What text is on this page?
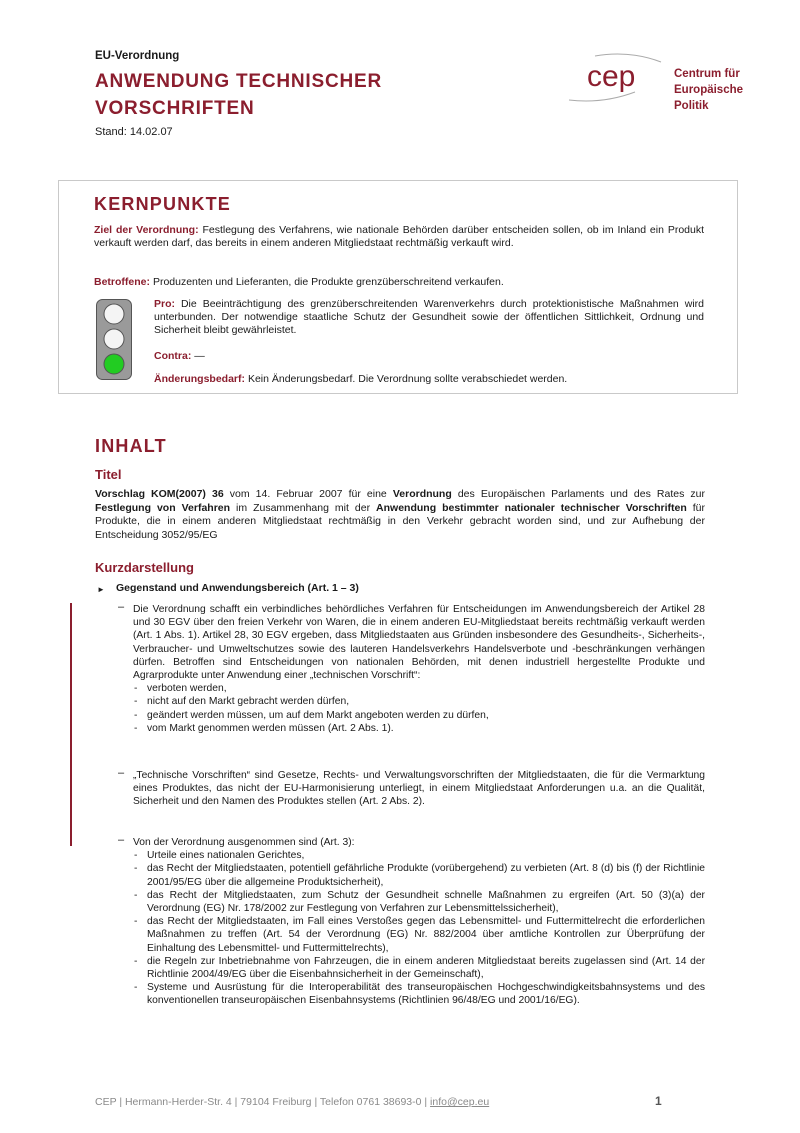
EU-Verordnung
ANWENDUNG TECHNISCHER
VORSCHRIFTEN
Stand: 14.02.07
cep	Centrum für
Europäische
Politik
KERNPUNKTE
Ziel der Verordnung: Festlegung des Verfahrens, wie nationale Behörden darüber entscheiden sollen, ob im Inland ein Produkt verkauft werden darf, das bereits in einem anderen Mitgliedstaat rechtmäßig verkauft wird.
Betroffene: Produzenten und Lieferanten, die Produkte grenzüberschreitend verkaufen.
Pro: Die Beeinträchtigung des grenzüberschreitenden Warenverkehrs durch protektionistische Maßnahmen wird unterbunden. Der notwendige staatliche Schutz der Gesundheit sowie der öffentlichen Sittlichkeit, Ordnung und Sicherheit bleibt gewährleistet.
Contra: —
Änderungsbedarf: Kein Änderungsbedarf. Die Verordnung sollte verabschiedet werden.
INHALT
Titel
Vorschlag KOM(2007) 36 vom 14. Februar 2007 für eine Verordnung des Europäischen Parlaments und des Rates zur Festlegung von Verfahren im Zusammenhang mit der Anwendung bestimmter nationaler technischer Vorschriften für Produkte, die in einem anderen Mitgliedstaat rechtmäßig in den Verkehr gebracht worden sind, und zur Aufhebung der Entscheidung 3052/95/EG
Kurzdarstellung
► Gegenstand und Anwendungsbereich (Art. 1 – 3)
– Die Verordnung schafft ein verbindliches behördliches Verfahren für Entscheidungen im Anwendungsbereich der Artikel 28 und 30 EGV über den freien Verkehr von Waren, die in einem anderen EU-Mitgliedstaat bereits rechtmäßig verkauft werden (Art. 1 Abs. 1). Artikel 28, 30 EGV ergeben, dass Mitgliedstaaten aus Gründen insbesondere des Gesundheits-, Sicherheits-, Verbraucher- und Umweltschutzes sowie des lauteren Handelsverkehrs Handelsverbote und -beschränkungen verhängen dürfen. Betroffen sind Entscheidungen von nationalen Behörden, mit denen industriell hergestellte Produkte und Agrarprodukte unter Anwendung einer „technischen Vorschrift“:
- verboten werden,
- nicht auf den Markt gebracht werden dürfen,
- geändert werden müssen, um auf dem Markt angeboten werden zu dürfen,
- vom Markt genommen werden müssen (Art. 2 Abs. 1).
– „Technische Vorschriften“ sind Gesetze, Rechts- und Verwaltungsvorschriften der Mitgliedstaaten, die für die Vermarktung eines Produktes, das nicht der EU-Harmonisierung unterliegt, in einem Mitgliedstaat Anforderungen u.a. an die Qualität, Sicherheit und den Namen des Produktes stellen (Art. 2 Abs. 2).
– Von der Verordnung ausgenommen sind (Art. 3):
- Urteile eines nationalen Gerichtes,
- das Recht der Mitgliedstaaten, potentiell gefährliche Produkte (vorübergehend) zu verbieten (Art. 8 (d) bis (f) der Richtlinie 2001/95/EG über die allgemeine Produktsicherheit),
- das Recht der Mitgliedstaaten, zum Schutz der Gesundheit schnelle Maßnahmen zu ergreifen (Art. 50 (3)(a) der Verordnung (EG) Nr. 178/2002 zur Festlegung von Verfahren zur Lebensmittelssicherheit),
- das Recht der Mitgliedstaaten, im Fall eines Verstoßes gegen das Lebensmittel- und Futtermittelrecht die erforderlichen Maßnahmen zu treffen (Art. 54 der Verordnung (EG) Nr. 882/2004 über amtliche Kontrollen zur Überprüfung der Einhaltung des Lebensmittel- und Futtermittelrechts),
- die Regeln zur Inbetriebnahme von Fahrzeugen, die in einem anderen Mitgliedstaat bereits zugelassen sind (Art. 14 der Richtlinie 2004/49/EG über die Eisenbahnsicherheit in der Gemeinschaft),
- Systeme und Ausrüstung für die Interoperabilität des transeuropäischen Hochgeschwindigkeitsbahnsystems und des konventionellen transeuropäischen Eisenbahnsystems (Richtlinien 96/48/EG und 2001/16/EG).
CEP | Hermann-Herder-Str. 4 | 79104 Freiburg | Telefon 0761 38693-0 | info@cep.eu	1
